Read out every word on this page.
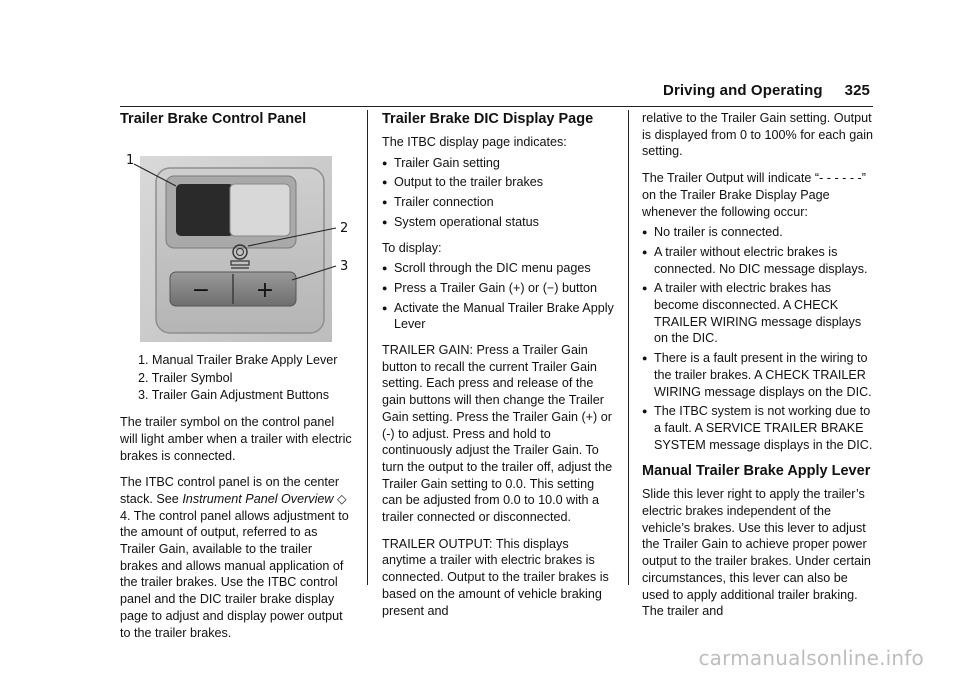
Driving and Operating 325
Trailer Brake Control Panel
− +
1
2
3
1. Manual Trailer Brake Apply Lever
2. Trailer Symbol
3. Trailer Gain Adjustment Buttons

The trailer symbol on the control panel will light amber when a trailer with electric brakes is connected.

The ITBC control panel is on the center stack. See Instrument Panel Overview ◇ 4. The control panel allows adjustment to the amount of output, referred to as Trailer Gain, available to the trailer brakes and allows manual application of the trailer brakes. Use the ITBC control panel and the DIC trailer brake display page to adjust and display power output to the trailer brakes.

Trailer Brake DIC Display Page

The ITBC display page indicates:

● Trailer Gain setting
● Output to the trailer brakes
● Trailer connection
● System operational status

To display:

● Scroll through the DIC menu pages
● Press a Trailer Gain (+) or (−) button
● Activate the Manual Trailer Brake Apply Lever

TRAILER GAIN: Press a Trailer Gain button to recall the current Trailer Gain setting. Each press and release of the gain buttons will then change the Trailer Gain setting. Press the Trailer Gain (+) or (-) to adjust. Press and hold to continuously adjust the Trailer Gain. To turn the output to the trailer off, adjust the Trailer Gain setting to 0.0. This setting can be adjusted from 0.0 to 10.0 with a trailer connected or disconnected.

TRAILER OUTPUT: This displays anytime a trailer with electric brakes is connected. Output to the trailer brakes is based on the amount of vehicle braking present and

relative to the Trailer Gain setting. Output is displayed from 0 to 100% for each gain setting.

The Trailer Output will indicate “- - - - - -” on the Trailer Brake Display Page whenever the following occur:

● No trailer is connected.
● A trailer without electric brakes is connected. No DIC message displays.
● A trailer with electric brakes has become disconnected. A CHECK TRAILER WIRING message displays on the DIC.
● There is a fault present in the wiring to the trailer brakes. A CHECK TRAILER WIRING message displays on the DIC.
● The ITBC system is not working due to a fault. A SERVICE TRAILER BRAKE SYSTEM message displays in the DIC.
Manual Trailer Brake Apply Lever

Slide this lever right to apply the trailer’s electric brakes independent of the vehicle’s brakes. Use this lever to adjust the Trailer Gain to achieve proper power output to the trailer brakes. Under certain circumstances, this lever can also be used to apply additional trailer braking. The trailer and

carmanualsonline.info
